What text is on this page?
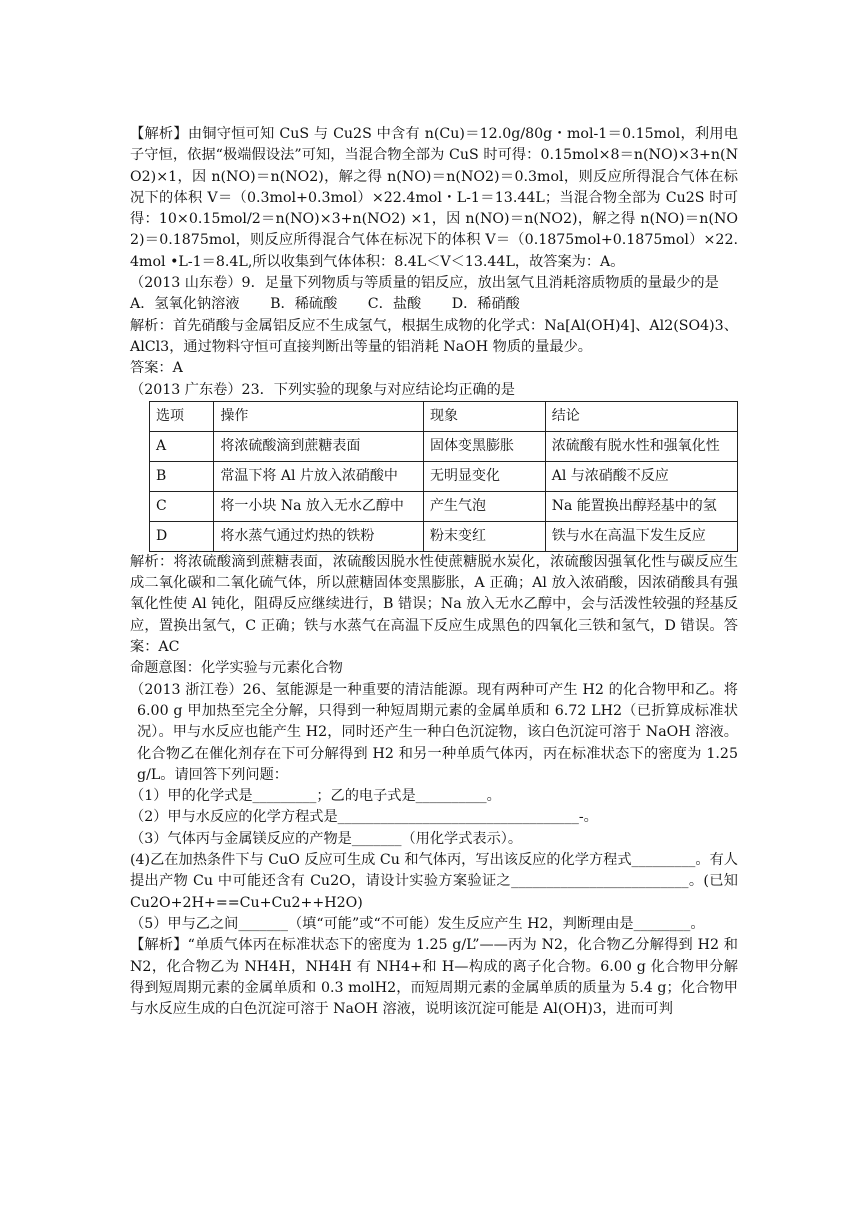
【解析】由铜守恒可知 CuS 与 Cu2S 中含有 n(Cu)＝12.0g/80g・mol-1＝0.15mol，利用电子守恒，依据“极端假设法”可知，当混合物全部为 CuS 时可得：0.15mol×8＝n(NO)×3+n(NO2)×1，因 n(NO)＝n(NO2)，解之得 n(NO)＝n(NO2)＝0.3mol，则反应所得混合气体在标况下的体积 V＝（0.3mol+0.3mol）×22.4mol・L-1＝13.44L；当混合物全部为 Cu2S 时可得：10×0.15mol/2＝n(NO)×3+n(NO2) ×1，因 n(NO)＝n(NO2)，解之得 n(NO)＝n(NO2)＝0.1875mol，则反应所得混合气体在标况下的体积 V＝（0.1875mol+0.1875mol）×22.4mol •L-1＝8.4L,所以收集到气体体积：8.4L＜V＜13.44L，故答案为：A。

（2013 山东卷）9．足量下列物质与等质量的铝反应，放出氢气且消耗溶质物质的量最少的是

A．氢氧化钠溶液 B．稀硫酸 C．盐酸 D．稀硝酸

解析：首先硝酸与金属铝反应不生成氢气，根据生成物的化学式：Na[Al(OH)4]、Al2(SO4)3、AlCl3，通过物料守恒可直接判断出等量的铝消耗 NaOH 物质的量最少。

答案：A

（2013 广东卷）23．下列实验的现象与对应结论均正确的是

选项	操作	现象	结论
A	将浓硫酸滴到蔗糖表面	固体变黑膨胀	浓硫酸有脱水性和强氧化性
B	常温下将 Al 片放入浓硝酸中	无明显变化	Al 与浓硝酸不反应
C	将一小块 Na 放入无水乙醇中	产生气泡	Na 能置换出醇羟基中的氢
D	将水蒸气通过灼热的铁粉	粉末变红	铁与水在高温下发生反应

解析：将浓硫酸滴到蔗糖表面，浓硫酸因脱水性使蔗糖脱水炭化，浓硫酸因强氧化性与碳反应生成二氧化碳和二氧化硫气体，所以蔗糖固体变黑膨胀，A 正确；Al 放入浓硝酸，因浓硝酸具有强氧化性使 Al 钝化，阻碍反应继续进行，B 错误；Na 放入无水乙醇中，会与活泼性较强的羟基反应，置换出氢气，C 正确；铁与水蒸气在高温下反应生成黑色的四氧化三铁和氢气，D 错误。答案：AC

命题意图：化学实验与元素化合物

（2013 浙江卷）26、氢能源是一种重要的清洁能源。现有两种可产生 H2 的化合物甲和乙。将 6.00 g 甲加热至完全分解，只得到一种短周期元素的金属单质和 6.72 LH2（已折算成标准状况）。甲与水反应也能产生 H2，同时还产生一种白色沉淀物，该白色沉淀可溶于 NaOH 溶液。化合物乙在催化剂存在下可分解得到 H2 和另一种单质气体丙，丙在标准状态下的密度为 1.25 g/L。请回答下列问题：

（1）甲的化学式是_________；乙的电子式是__________。

（2）甲与水反应的化学方程式是__________________________________-。

（3）气体丙与金属镁反应的产物是_______（用化学式表示）。

(4)乙在加热条件下与 CuO 反应可生成 Cu 和气体丙，写出该反应的化学方程式_________。有人提出产物 Cu 中可能还含有 Cu2O，请设计实验方案验证之_________________________。(已知 Cu2O+2H+==Cu+Cu2++H2O)

（5）甲与乙之间_______（填“可能”或“不可能）发生反应产生 H2，判断理由是________。

【解析】“单质气体丙在标准状态下的密度为 1.25 g/L”——丙为 N2，化合物乙分解得到 H2 和 N2，化合物乙为 NH4H，NH4H 有 NH4+和 H—构成的离子化合物。6.00 g 化合物甲分解得到短周期元素的金属单质和 0.3 molH2，而短周期元素的金属单质的质量为 5.4 g；化合物甲与水反应生成的白色沉淀可溶于 NaOH 溶液，说明该沉淀可能是 Al(OH)3，进而可判
